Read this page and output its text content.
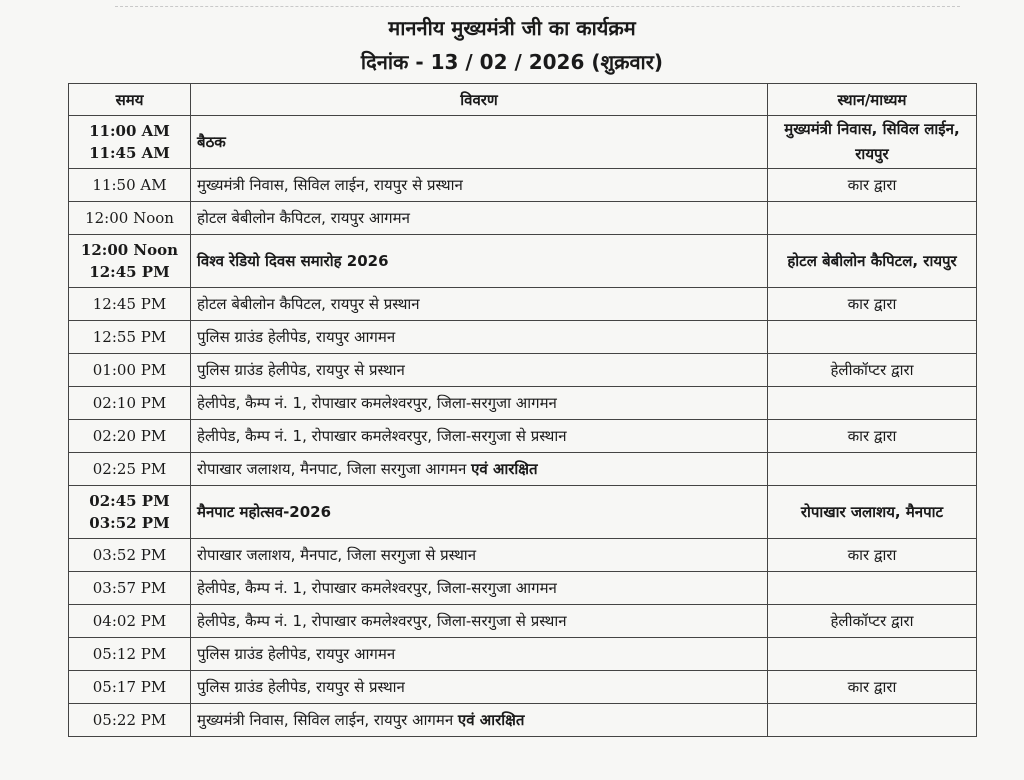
माननीय मुख्यमंत्री जी का कार्यक्रम
दिनांक - 13 / 02 / 2026 (शुक्रवार)
समय	विवरण	स्थान/माध्यम

11:00 AM
11:45 AM	बैठक	मुख्यमंत्री निवास, सिविल लाईन, रायपुर

11:50 AM	मुख्यमंत्री निवास, सिविल लाईन, रायपुर से प्रस्थान	कार द्वारा

12:00 Noon	होटल बेबीलोन कैपिटल, रायपुर आगमन	

12:00 Noon
12:45 PM	विश्व रेडियो दिवस समारोह 2026	होटल बेबीलोन कैपिटल, रायपुर

12:45 PM	होटल बेबीलोन कैपिटल, रायपुर से प्रस्थान	कार द्वारा

12:55 PM	पुलिस ग्राउंड हेलीपेड, रायपुर आगमन	

01:00 PM	पुलिस ग्राउंड हेलीपेड, रायपुर से प्रस्थान	हेलीकॉप्टर द्वारा

02:10 PM	हेलीपेड, कैम्प नं. 1, रोपाखार कमलेश्वरपुर, जिला-सरगुजा आगमन	

02:20 PM	हेलीपेड, कैम्प नं. 1, रोपाखार कमलेश्वरपुर, जिला-सरगुजा से प्रस्थान	कार द्वारा

02:25 PM	रोपाखार जलाशय, मैनपाट, जिला सरगुजा आगमन एवं आरक्षित	

02:45 PM
03:52 PM	मैनपाट महोत्सव-2026	रोपाखार जलाशय, मैनपाट

03:52 PM	रोपाखार जलाशय, मैनपाट, जिला सरगुजा से प्रस्थान	कार द्वारा

03:57 PM	हेलीपेड, कैम्प नं. 1, रोपाखार कमलेश्वरपुर, जिला-सरगुजा आगमन	

04:02 PM	हेलीपेड, कैम्प नं. 1, रोपाखार कमलेश्वरपुर, जिला-सरगुजा से प्रस्थान	हेलीकॉप्टर द्वारा

05:12 PM	पुलिस ग्राउंड हेलीपेड, रायपुर आगमन	

05:17 PM	पुलिस ग्राउंड हेलीपेड, रायपुर से प्रस्थान	कार द्वारा

05:22 PM	मुख्यमंत्री निवास, सिविल लाईन, रायपुर आगमन एवं आरक्षित	
